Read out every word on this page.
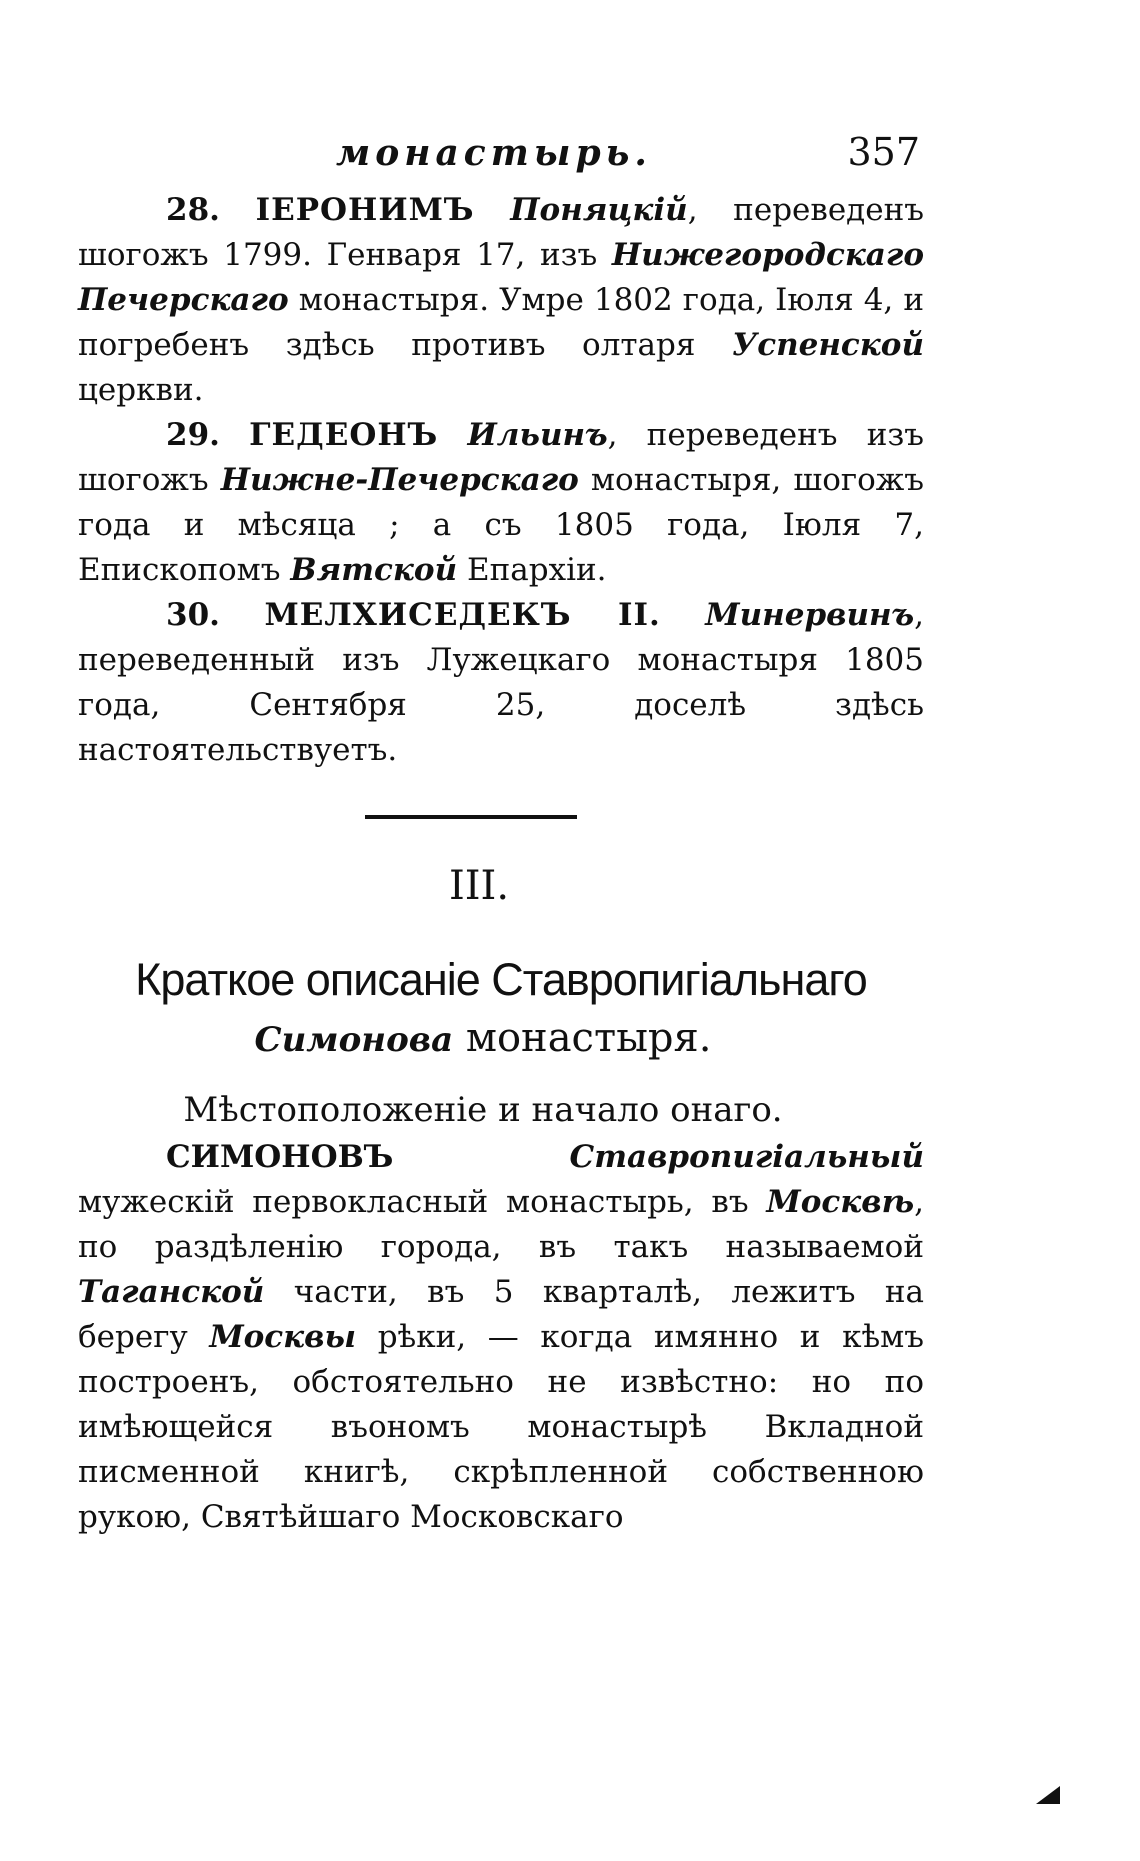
монастырь.	357

28. ІЕРОНИМЪ Поняцкій, переведенъ шогожъ 1799. Генваря 17, изъ Нижегородскаго Печерскаго монастыря. Умре 1802 года, Іюля 4, и погребенъ здѣсь противъ олтаря Успенской церкви.

29. ГЕДЕОНЪ Ильинъ, переведенъ изъ шогожъ Нижне-Печерскаго монастыря, шогожъ года и мѣсяца ; а съ 1805 года, Іюля 7, Епископомъ Вятской Епархіи.

30. МЕЛХИСЕДЕКЪ II. Минервинъ, переведенный изъ Лужецкаго монастыря 1805 года, Сентября 25, доселѣ здѣсь настоятельствуетъ.

III.
Краткое описаніе Ставропигіальнаго
Симонова монастыря.
Мѣстоположеніе и начало онаго.

СИМОНОВЪ	Ставропигіальный мужескій первокласный монастырь, въ Москвѣ, по раздѣленію города, въ такъ называемой Таганской части, въ 5 кварталѣ, лежитъ на берегу Москвы рѣки, — когда имянно и кѣмъ построенъ, обстоятельно не извѣстно: но по имѣющейся въономъ монастырѣ Вкладной писменной книгѣ, скрѣпленной собственною рукою, Святѣйшаго Московскаго
